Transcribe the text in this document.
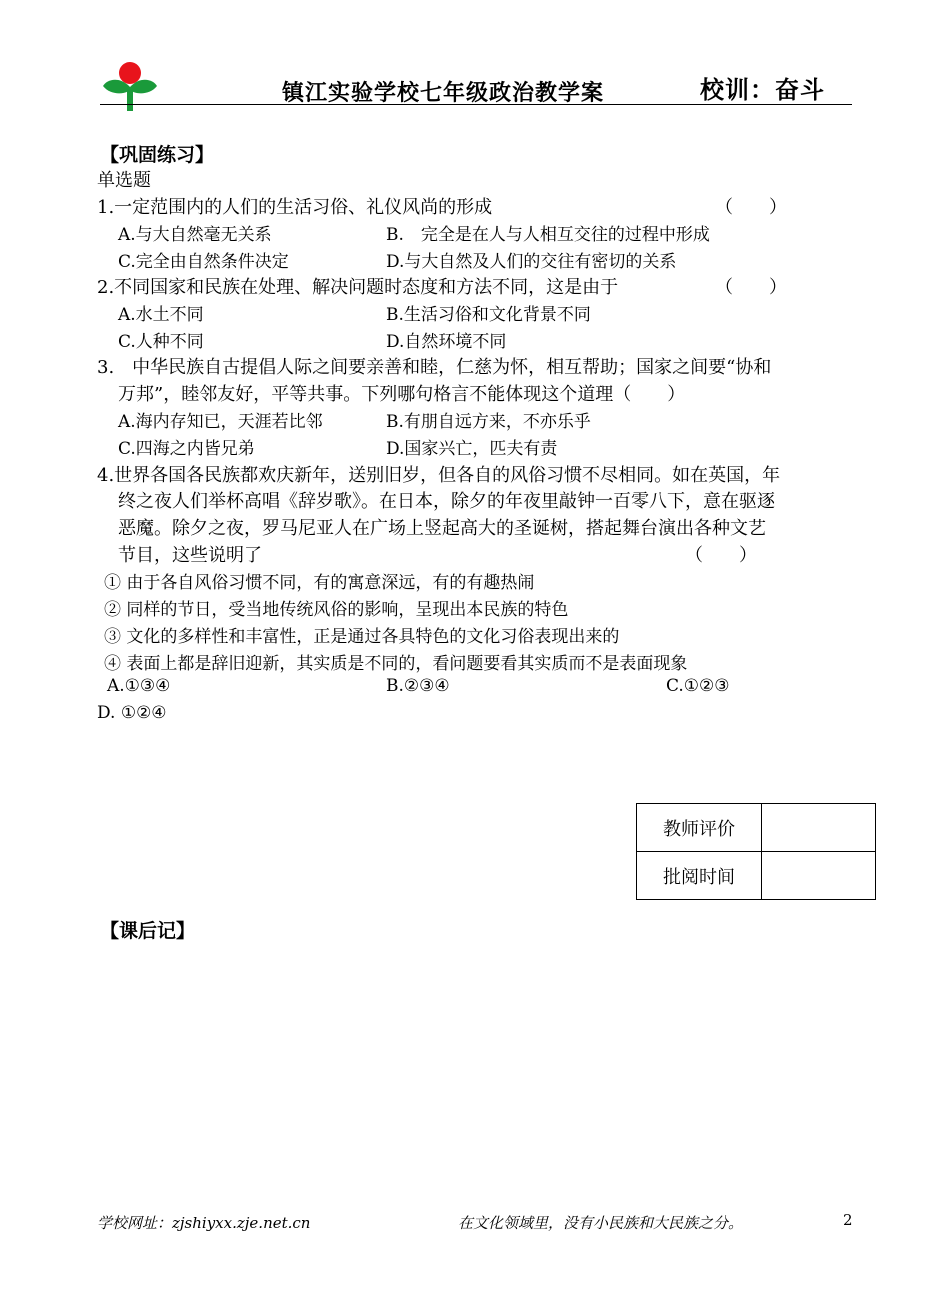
镇江实验学校七年级政治教学案	校训：奋斗
【巩固练习】
单选题
1.一定范围内的人们的生活习俗、礼仪风尚的形成	（　　）
A.与大自然毫无关系	B.　完全是在人与人相互交往的过程中形成
C.完全由自然条件决定	D.与大自然及人们的交往有密切的关系
2.不同国家和民族在处理、解决问题时态度和方法不同，这是由于	（　　）
A.水土不同	B.生活习俗和文化背景不同
C.人种不同	D.自然环境不同
3.　中华民族自古提倡人际之间要亲善和睦，仁慈为怀，相互帮助；国家之间要“协和
万邦”，睦邻友好，平等共事。下列哪句格言不能体现这个道理（　　）
A.海内存知已，天涯若比邻	B.有朋自远方来，不亦乐乎
C.四海之内皆兄弟	D.国家兴亡，匹夫有责
4.世界各国各民族都欢庆新年，送别旧岁，但各自的风俗习惯不尽相同。如在英国，年
终之夜人们举杯高唱《辞岁歌》。在日本，除夕的年夜里敲钟一百零八下，意在驱逐
恶魔。除夕之夜，罗马尼亚人在广场上竖起高大的圣诞树，搭起舞台演出各种文艺
节目，这些说明了	（　　）
① 由于各自风俗习惯不同，有的寓意深远，有的有趣热闹
② 同样的节日，受当地传统风俗的影响，呈现出本民族的特色
③ 文化的多样性和丰富性，正是通过各具特色的文化习俗表现出来的
④ 表面上都是辞旧迎新，其实质是不同的，看问题要看其实质而不是表面现象
A.①③④	B.②③④	C.①②③
D. ①②④
教师评价	
批阅时间	
【课后记】
学校网址：zjshiyxx.zje.net.cn	在文化领域里，没有小民族和大民族之分。	2
